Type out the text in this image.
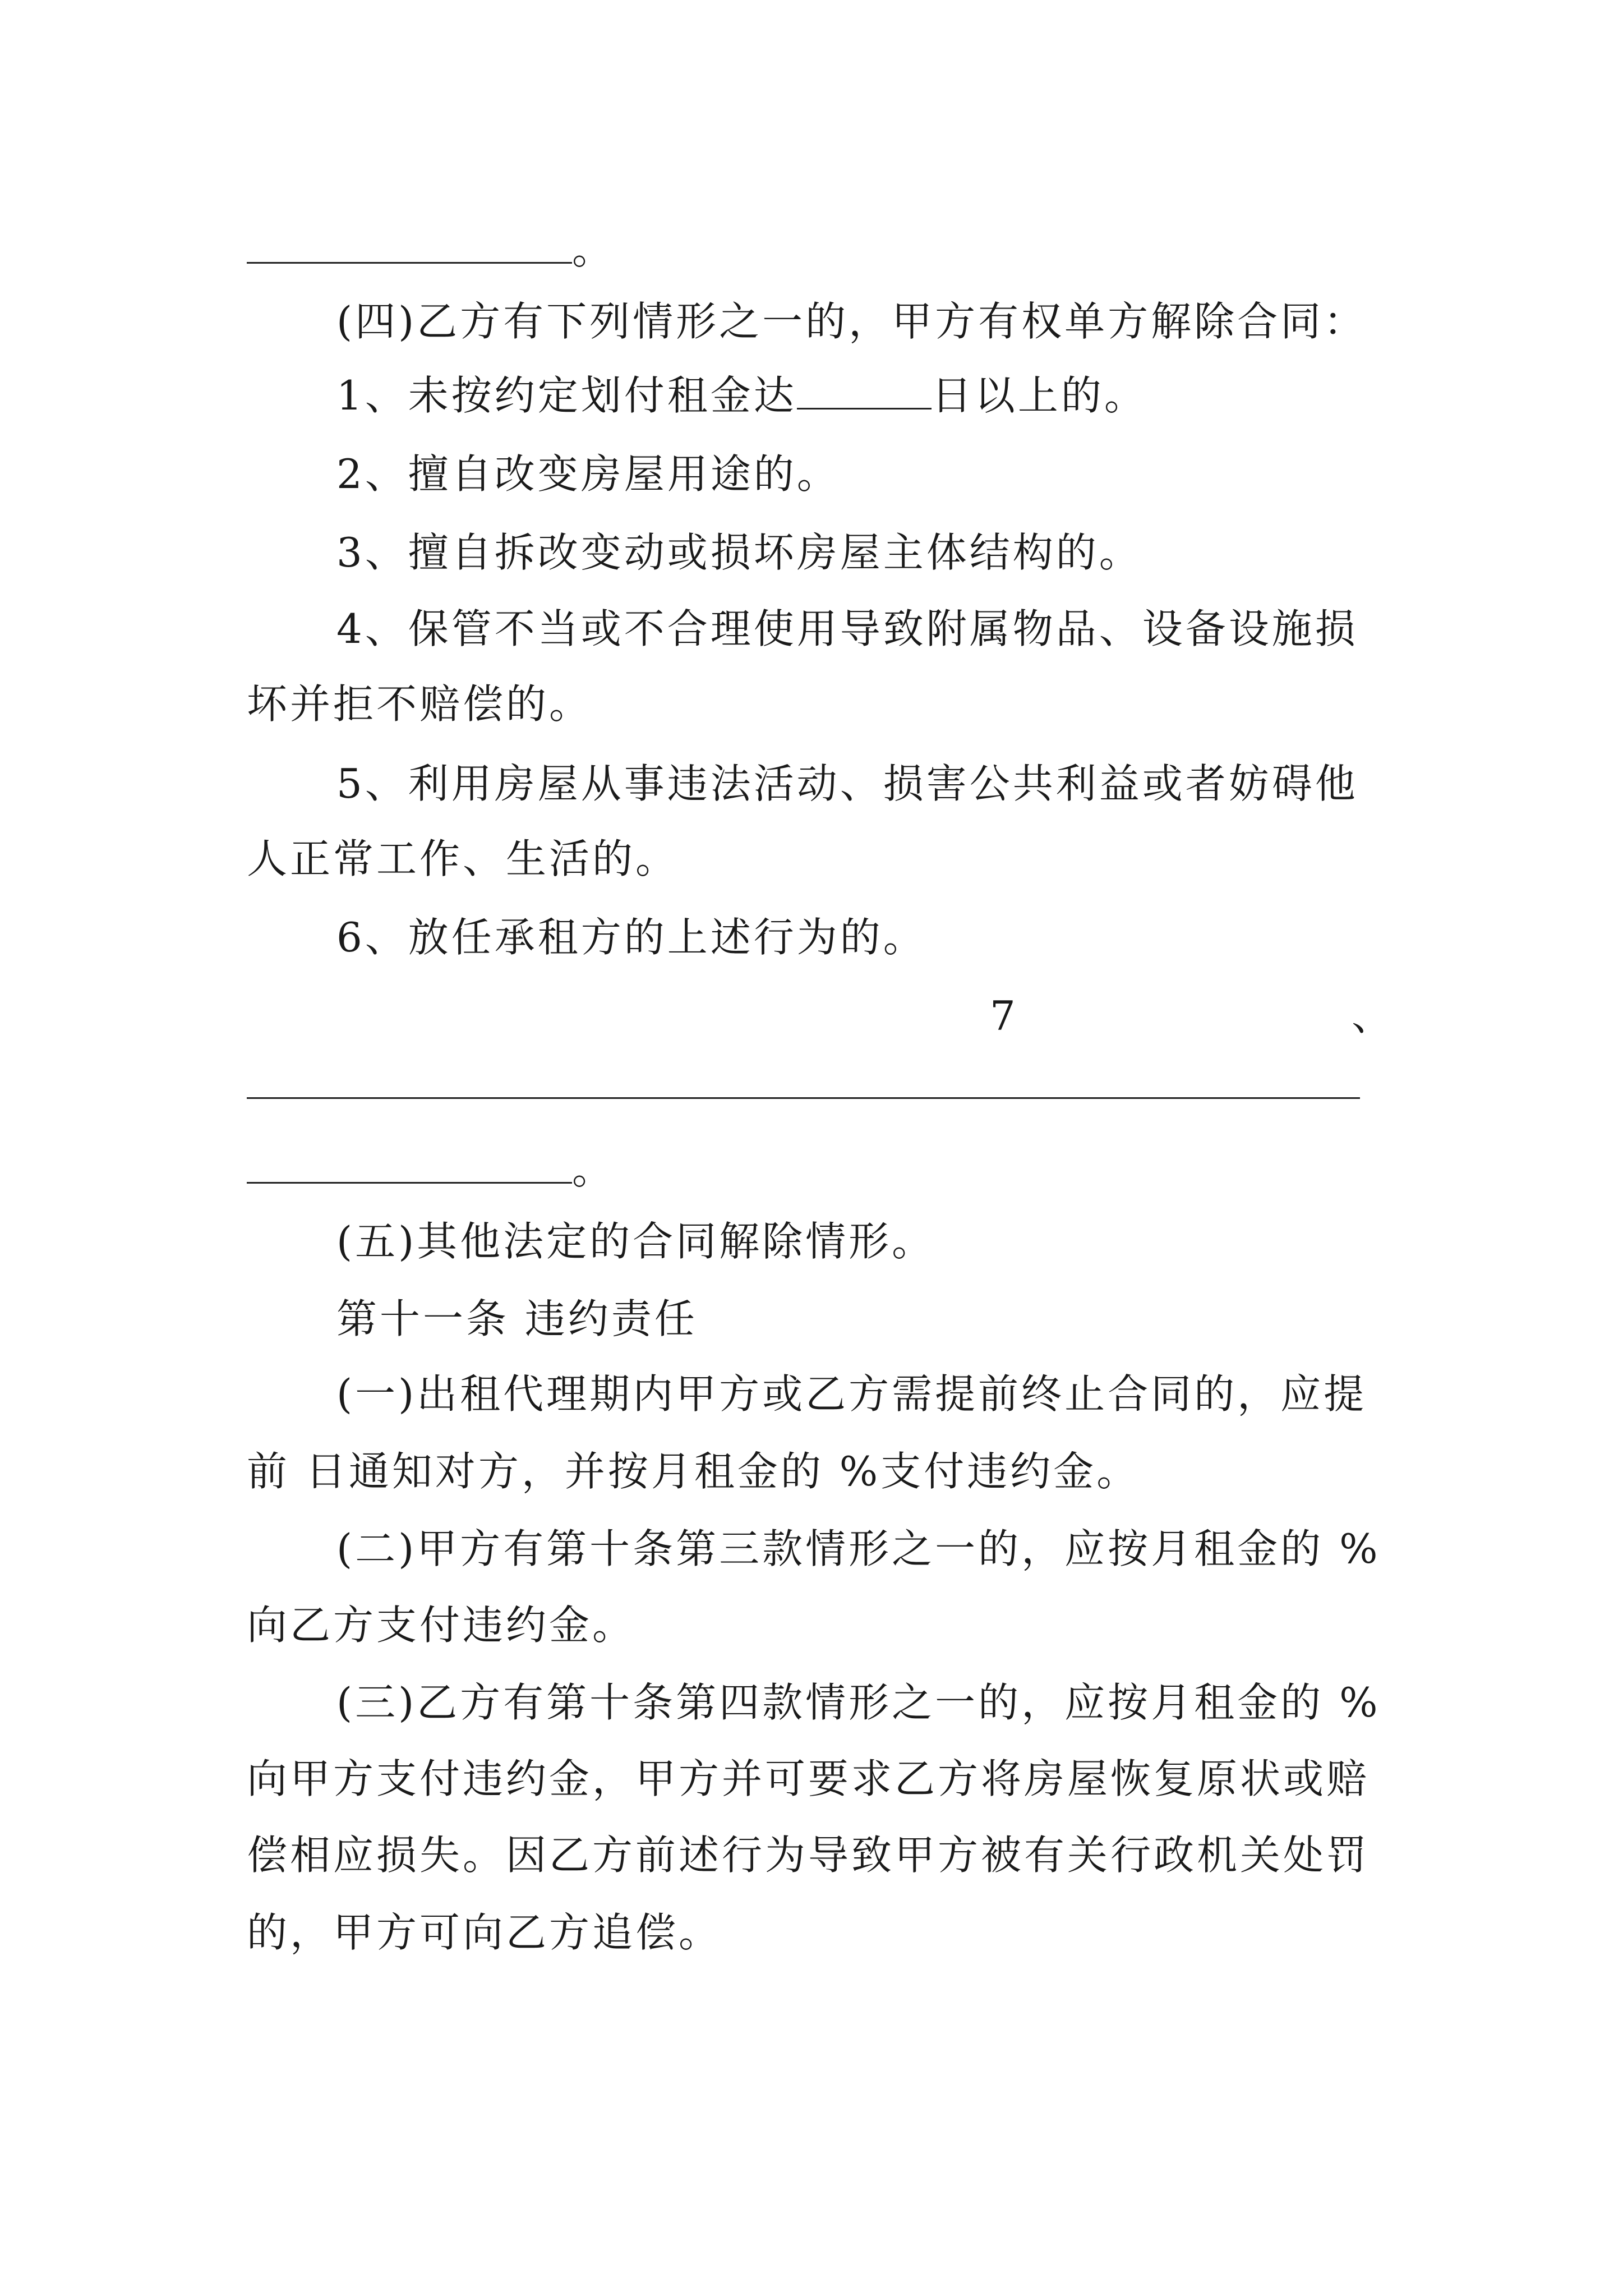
。
(四)乙方有下列情形之一的，甲方有权单方解除合同：
1、未按约定划付租金达	日以上的。
2、擅自改变房屋用途的。
3、擅自拆改变动或损坏房屋主体结构的。
4、保管不当或不合理使用导致附属物品、设备设施损
坏并拒不赔偿的。
5、利用房屋从事违法活动、损害公共利益或者妨碍他
人正常工作、生活的。
6、放任承租方的上述行为的。
7	、
。
(五)其他法定的合同解除情形。
第十一条 违约责任
(一)出租代理期内甲方或乙方需提前终止合同的，应提
前 日通知对方，并按月租金的 %支付违约金。
(二)甲方有第十条第三款情形之一的，应按月租金的 %
向乙方支付违约金。
(三)乙方有第十条第四款情形之一的，应按月租金的 %
向甲方支付违约金，甲方并可要求乙方将房屋恢复原状或赔
偿相应损失。因乙方前述行为导致甲方被有关行政机关处罚
的，甲方可向乙方追偿。
